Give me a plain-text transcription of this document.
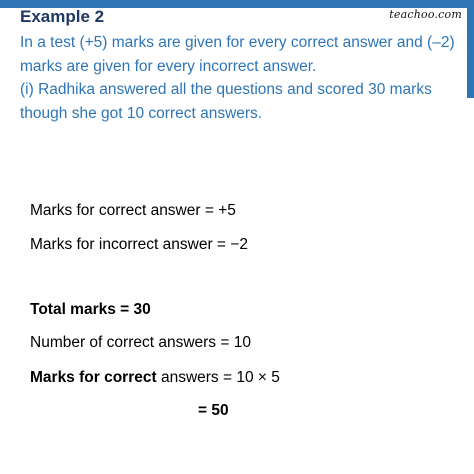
teachoo.com
Example 2
In a test (+5) marks are given for every correct answer and (–2)
marks are given for every incorrect answer.
(i) Radhika answered all the questions and scored 30 marks
though she got 10 correct answers.
Marks for correct answer = +5
Marks for incorrect answer = −2
Total marks = 30
Number of correct answers = 10
Marks for correct answers = 10 × 5
= 50
